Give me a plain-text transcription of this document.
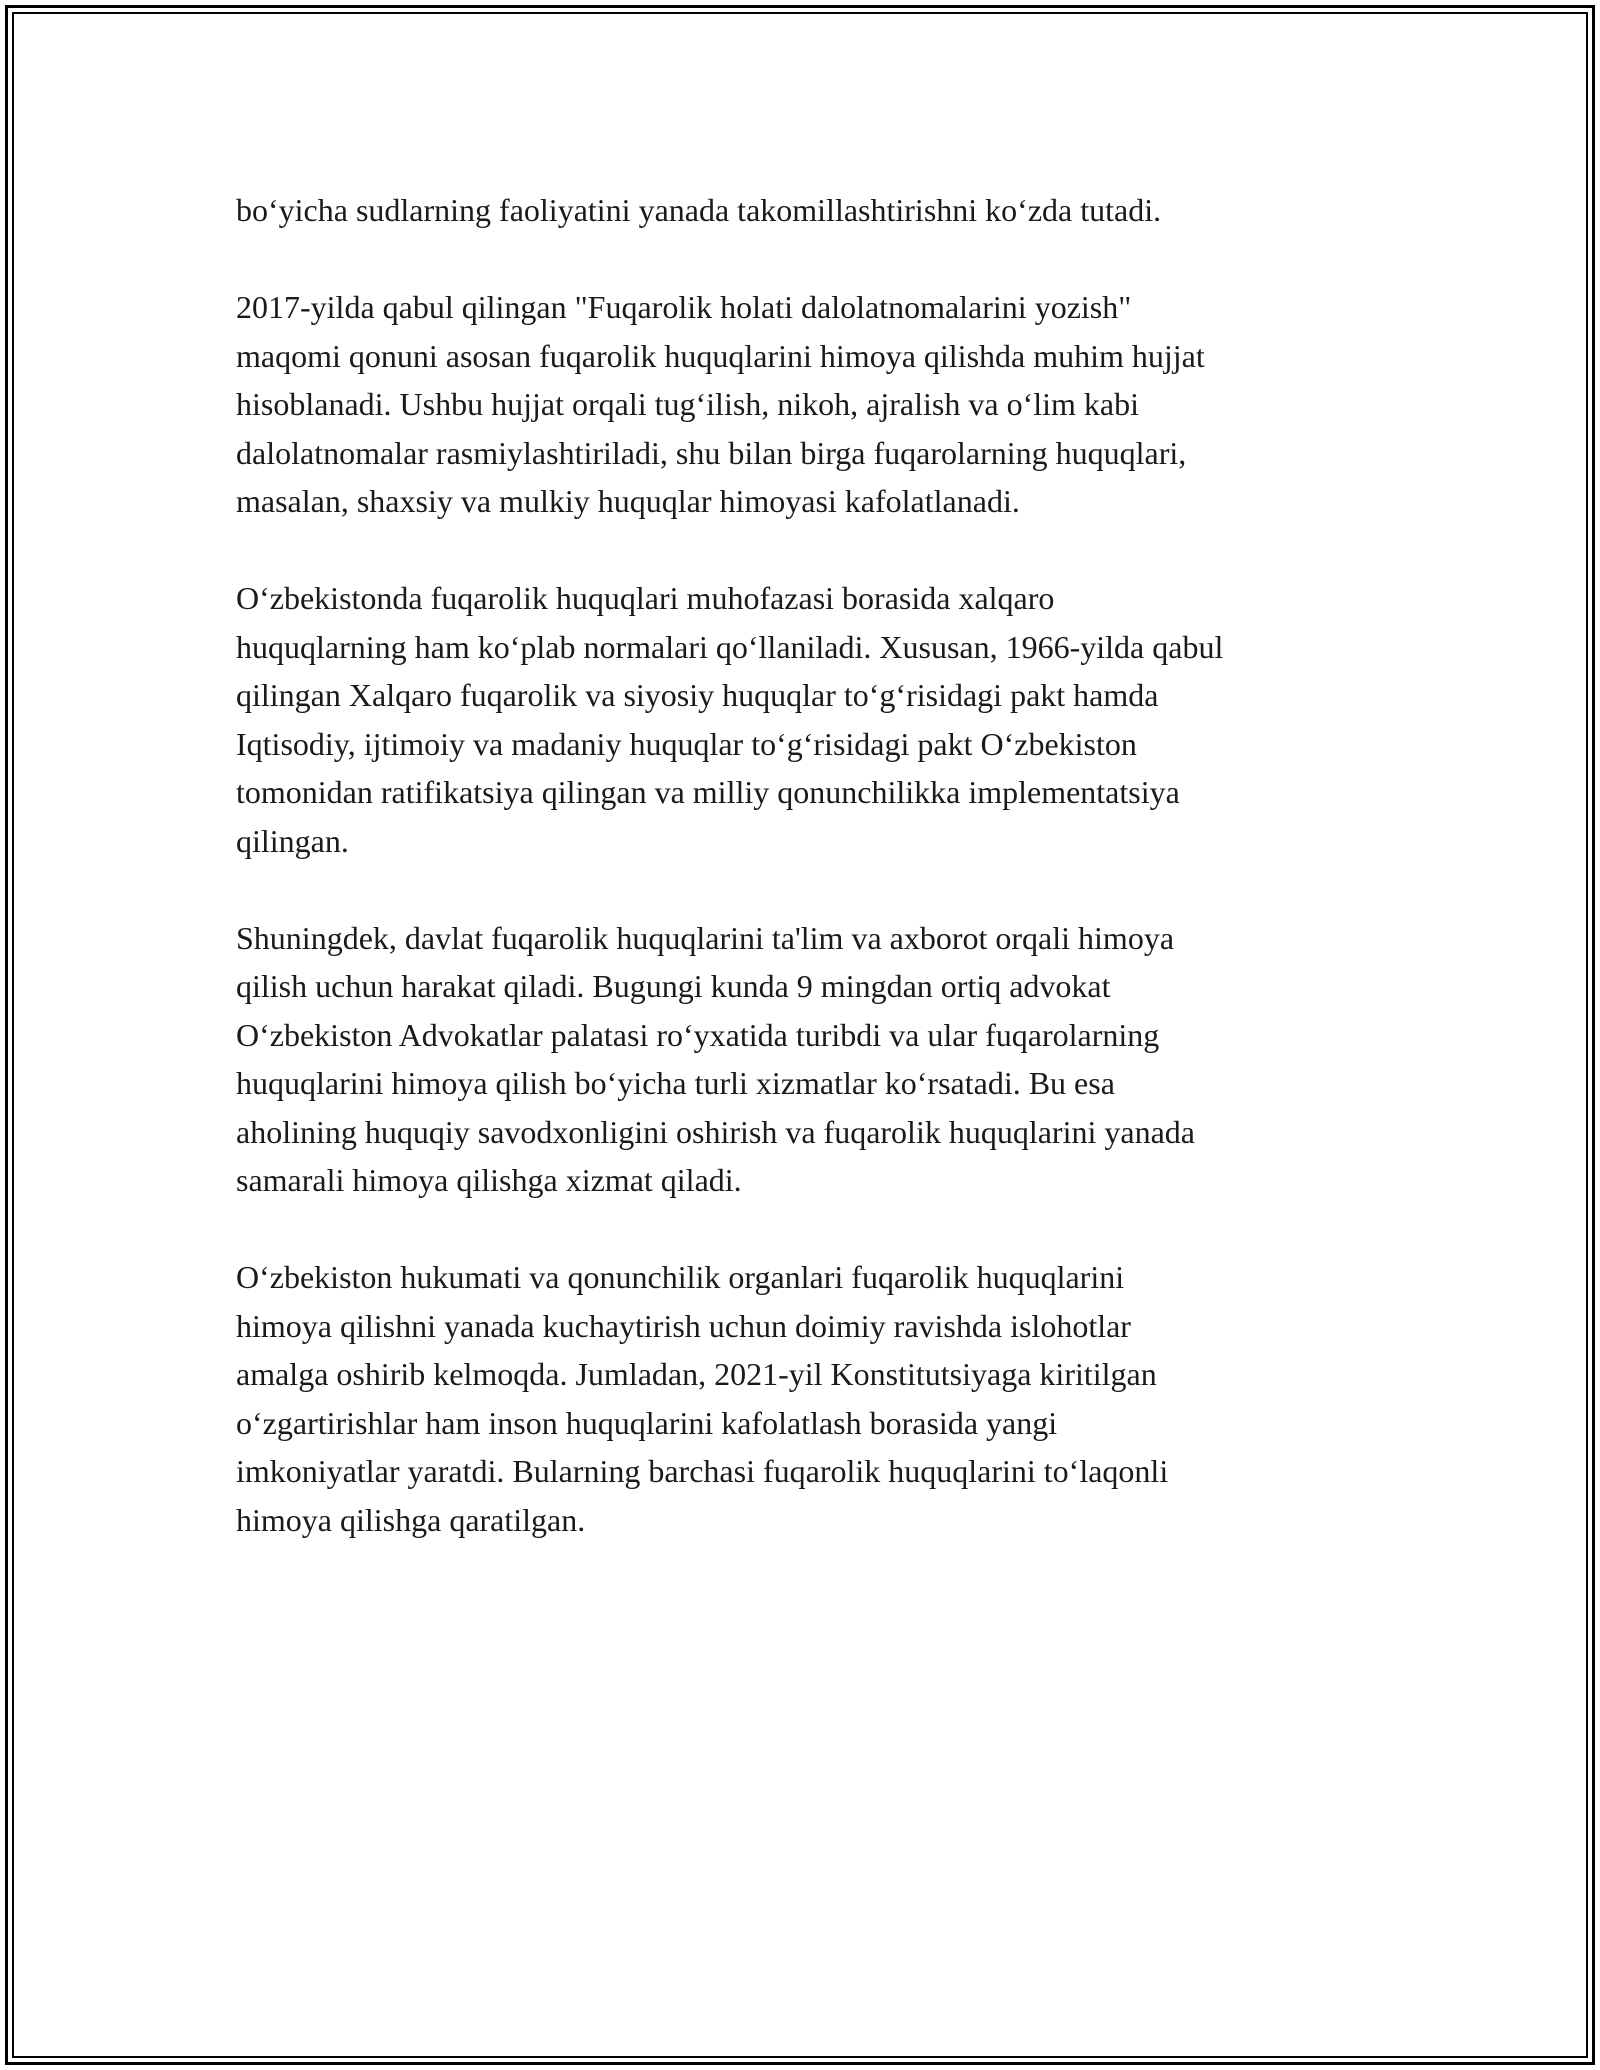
bo‘yicha sudlarning faoliyatini yanada takomillashtirishni ko‘zda tutadi.

2017-yilda qabul qilingan "Fuqarolik holati dalolatnomalarini yozish"
maqomi qonuni asosan fuqarolik huquqlarini himoya qilishda muhim hujjat
hisoblanadi. Ushbu hujjat orqali tug‘ilish, nikoh, ajralish va o‘lim kabi
dalolatnomalar rasmiylashtiriladi, shu bilan birga fuqarolarning huquqlari,
masalan, shaxsiy va mulkiy huquqlar himoyasi kafolatlanadi.

O‘zbekistonda fuqarolik huquqlari muhofazasi borasida xalqaro
huquqlarning ham ko‘plab normalari qo‘llaniladi. Xususan, 1966-yilda qabul
qilingan Xalqaro fuqarolik va siyosiy huquqlar to‘g‘risidagi pakt hamda
Iqtisodiy, ijtimoiy va madaniy huquqlar to‘g‘risidagi pakt O‘zbekiston
tomonidan ratifikatsiya qilingan va milliy qonunchilikka implementatsiya
qilingan.

Shuningdek, davlat fuqarolik huquqlarini ta'lim va axborot orqali himoya
qilish uchun harakat qiladi. Bugungi kunda 9 mingdan ortiq advokat
O‘zbekiston Advokatlar palatasi ro‘yxatida turibdi va ular fuqarolarning
huquqlarini himoya qilish bo‘yicha turli xizmatlar ko‘rsatadi. Bu esa
aholining huquqiy savodxonligini oshirish va fuqarolik huquqlarini yanada
samarali himoya qilishga xizmat qiladi.

O‘zbekiston hukumati va qonunchilik organlari fuqarolik huquqlarini
himoya qilishni yanada kuchaytirish uchun doimiy ravishda islohotlar
amalga oshirib kelmoqda. Jumladan, 2021-yil Konstitutsiyaga kiritilgan
o‘zgartirishlar ham inson huquqlarini kafolatlash borasida yangi
imkoniyatlar yaratdi. Bularning barchasi fuqarolik huquqlarini to‘laqonli
himoya qilishga qaratilgan.
